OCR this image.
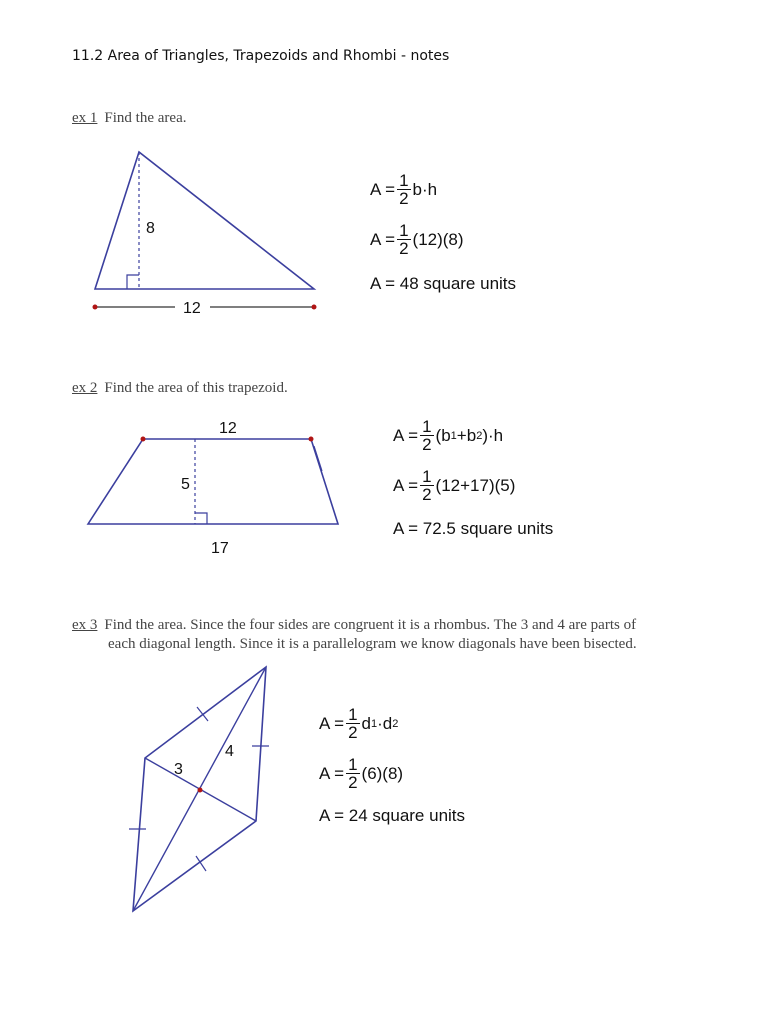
11.2 Area of Triangles, Trapezoids and Rhombi - notes
ex 1 Find the area.
8
12
12
5
17
3
4
$A = \frac{1}{2} b\cdot h$
$A = \frac{1}{2} (12)(8)$
A = 48 square units
ex 2 Find the area of this trapezoid.
$A = \frac{1}{2}$ ( b 1 +b 2 )·h
$A = \frac{1}{2} (12+17)(5)$
A = 72.5 square units
ex 3 Find the area. Since the four sides are congruent it is a rhombus. The 3 and 4 are parts of
each diagonal length. Since it is a parallelogram we know diagonals have been bisected.
$A = \frac{1}{2}$ d 1 ·d 2
$A = \frac{1}{2} (6)(8)$
A = 24 square units
